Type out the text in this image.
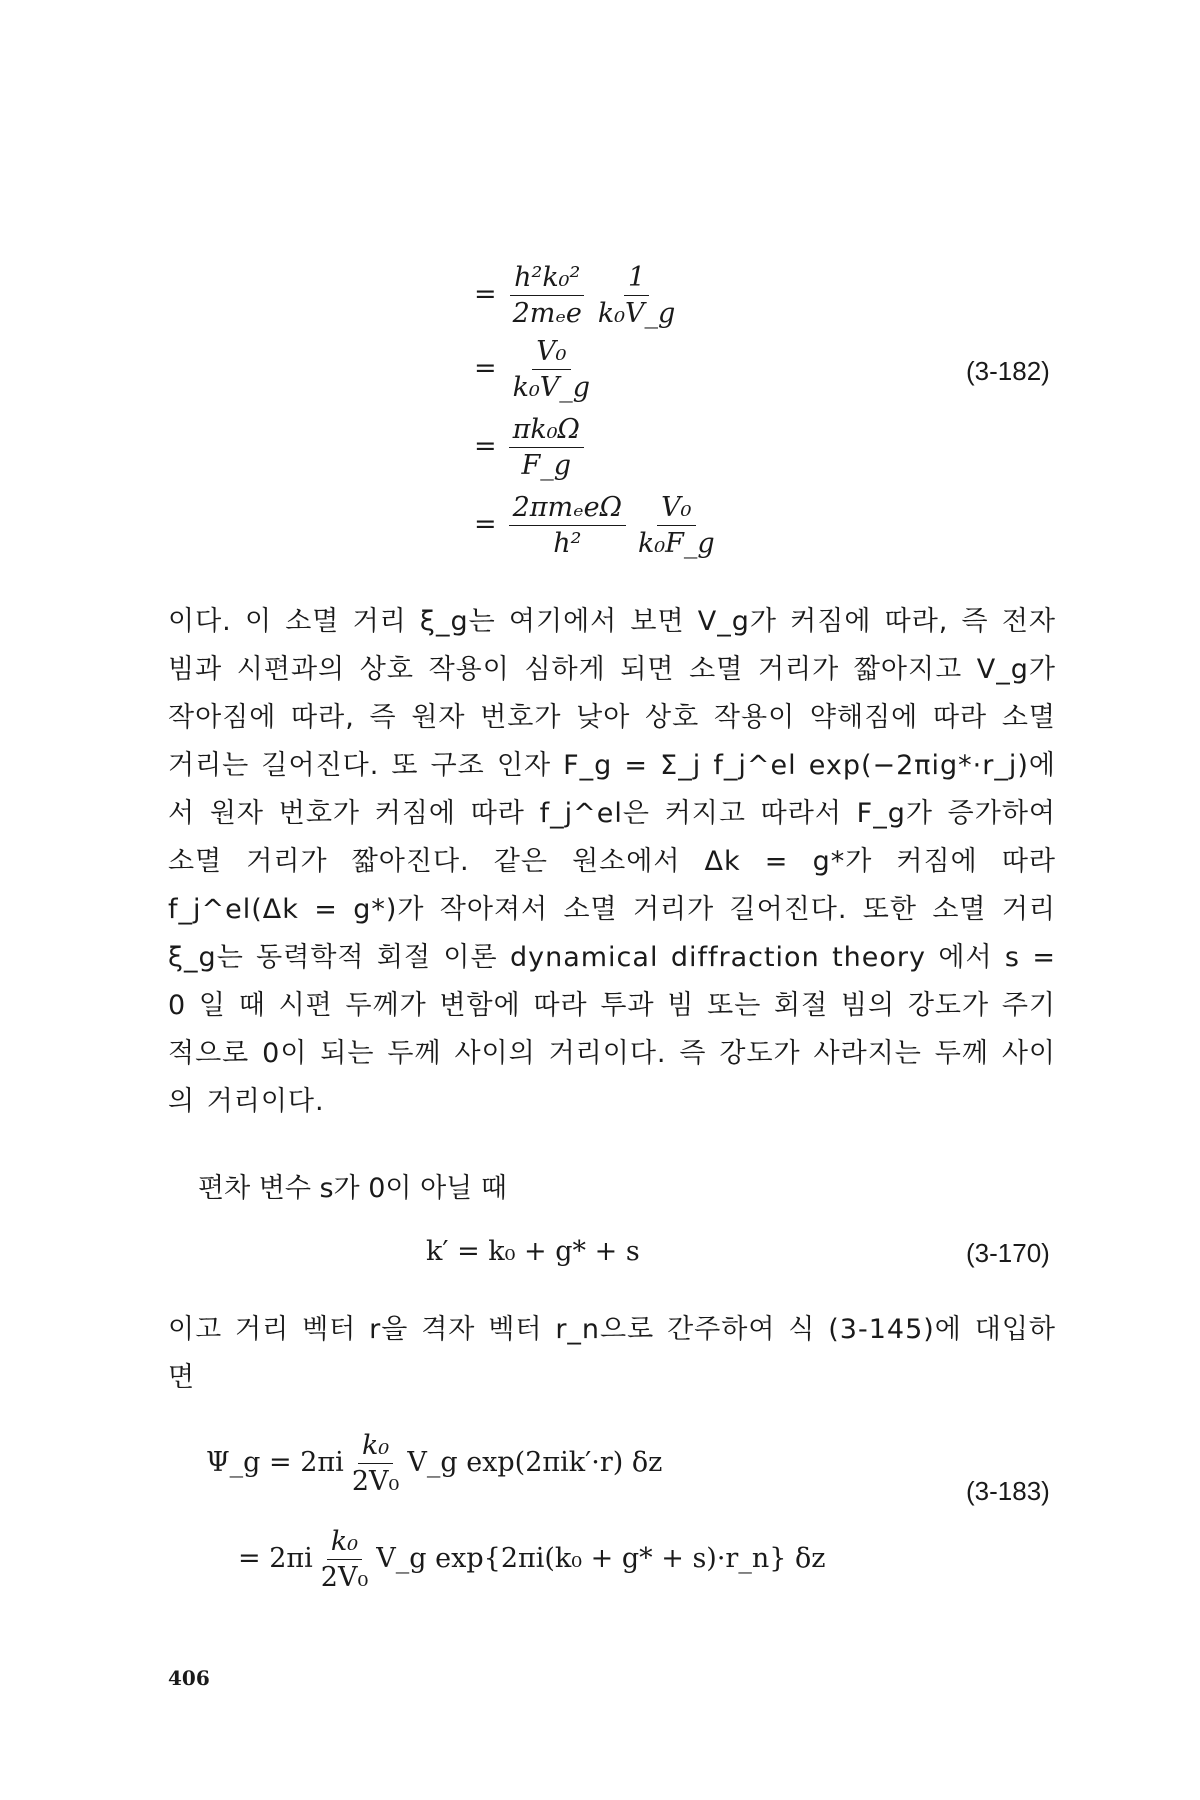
= $\frac{\text{h²k₀²}}{\text{2mₑe}} \frac{1}{\text{k₀V\_g}}$
= $\frac{\text{V₀}}{\text{k₀V\_g}}$	(3-182)
= $\frac{\text{πk₀Ω}}{F\_g}$
= $\frac{\text{2πmₑeΩ}}{\text{h²}} \frac{\text{V₀}}{\text{k₀F\_g}}$
이다. 이 소멸 거리 ξ_g는 여기에서 보면 V_g가 커짐에 따라, 즉 전자 빔과 시편과의 상호 작용이 심하게 되면 소멸 거리가 짧아지고 V_g가 작아짐에 따라, 즉 원자 번호가 낮아 상호 작용이 약해짐에 따라 소멸 거리는 길어진다. 또 구조 인자 F_g = Σ_j f_j^el exp(−2πig*·r_j)에서 원자 번호가 커짐에 따라 f_j^el은 커지고 따라서 F_g가 증가하여 소멸 거리가 짧아진다. 같은 원소에서 Δk = g*가 커짐에 따라 f_j^el(Δk = g*)가 작아져서 소멸 거리가 길어진다. 또한 소멸 거리 ξ_g는 동력학적 회절 이론 dynamical diffraction theory 에서 s = 0 일 때 시편 두께가 변함에 따라 투과 빔 또는 회절 빔의 강도가 주기적으로 0이 되는 두께 사이의 거리이다. 즉 강도가 사라지는 두께 사이의 거리이다.
편차 변수 s가 0이 아닐 때
k′ = k₀ + g* + s	(3-170)
이고 거리 벡터 r을 격자 벡터 r_n으로 간주하여 식 (3-145)에 대입하면
Ψ_g = $2\pi i \frac{\text{k₀}}{\text{2V₀}}$ V_g exp(2πik′·r) δz
(3-183)
= $2\pi i \frac{\text{k₀}}{\text{2V₀}}$ V_g exp{2πi(k₀ + g* + s)·r_n} δz
406
